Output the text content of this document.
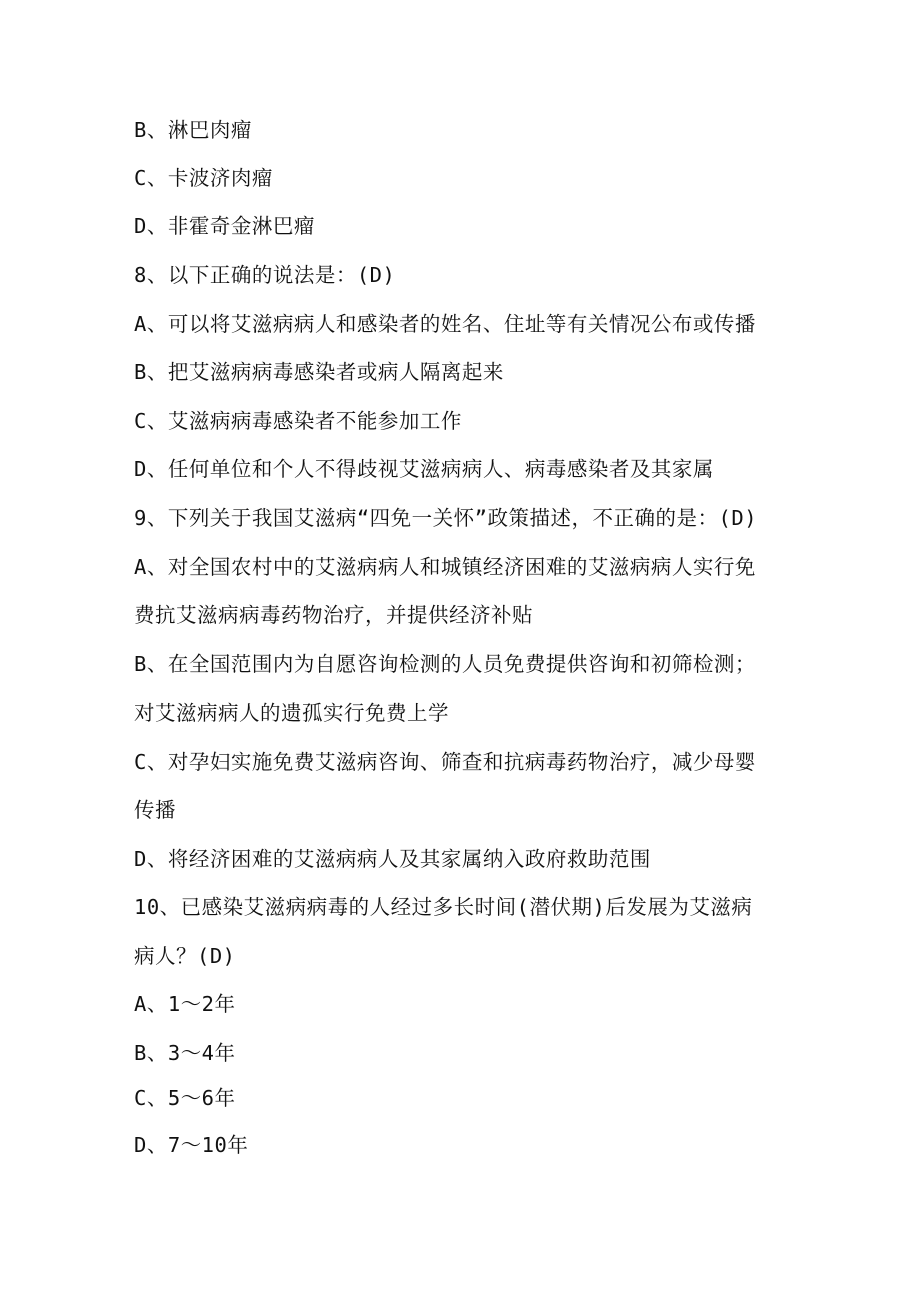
B、淋巴肉瘤
C、卡波济肉瘤
D、非霍奇金淋巴瘤
8、以下正确的说法是：(D)
A、可以将艾滋病病人和感染者的姓名、住址等有关情况公布或传播
B、把艾滋病病毒感染者或病人隔离起来
C、艾滋病病毒感染者不能参加工作
D、任何单位和个人不得歧视艾滋病病人、病毒感染者及其家属
9、下列关于我国艾滋病“四免一关怀”政策描述，不正确的是：(D)
A、对全国农村中的艾滋病病人和城镇经济困难的艾滋病病人实行免
费抗艾滋病病毒药物治疗，并提供经济补贴
B、在全国范围内为自愿咨询检测的人员免费提供咨询和初筛检测；
对艾滋病病人的遗孤实行免费上学
C、对孕妇实施免费艾滋病咨询、筛查和抗病毒药物治疗，减少母婴
传播
D、将经济困难的艾滋病病人及其家属纳入政府救助范围
10、已感染艾滋病病毒的人经过多长时间(潜伏期)后发展为艾滋病
病人？(D)
A、1～2年
B、3～4年
C、5～6年
D、7～10年
